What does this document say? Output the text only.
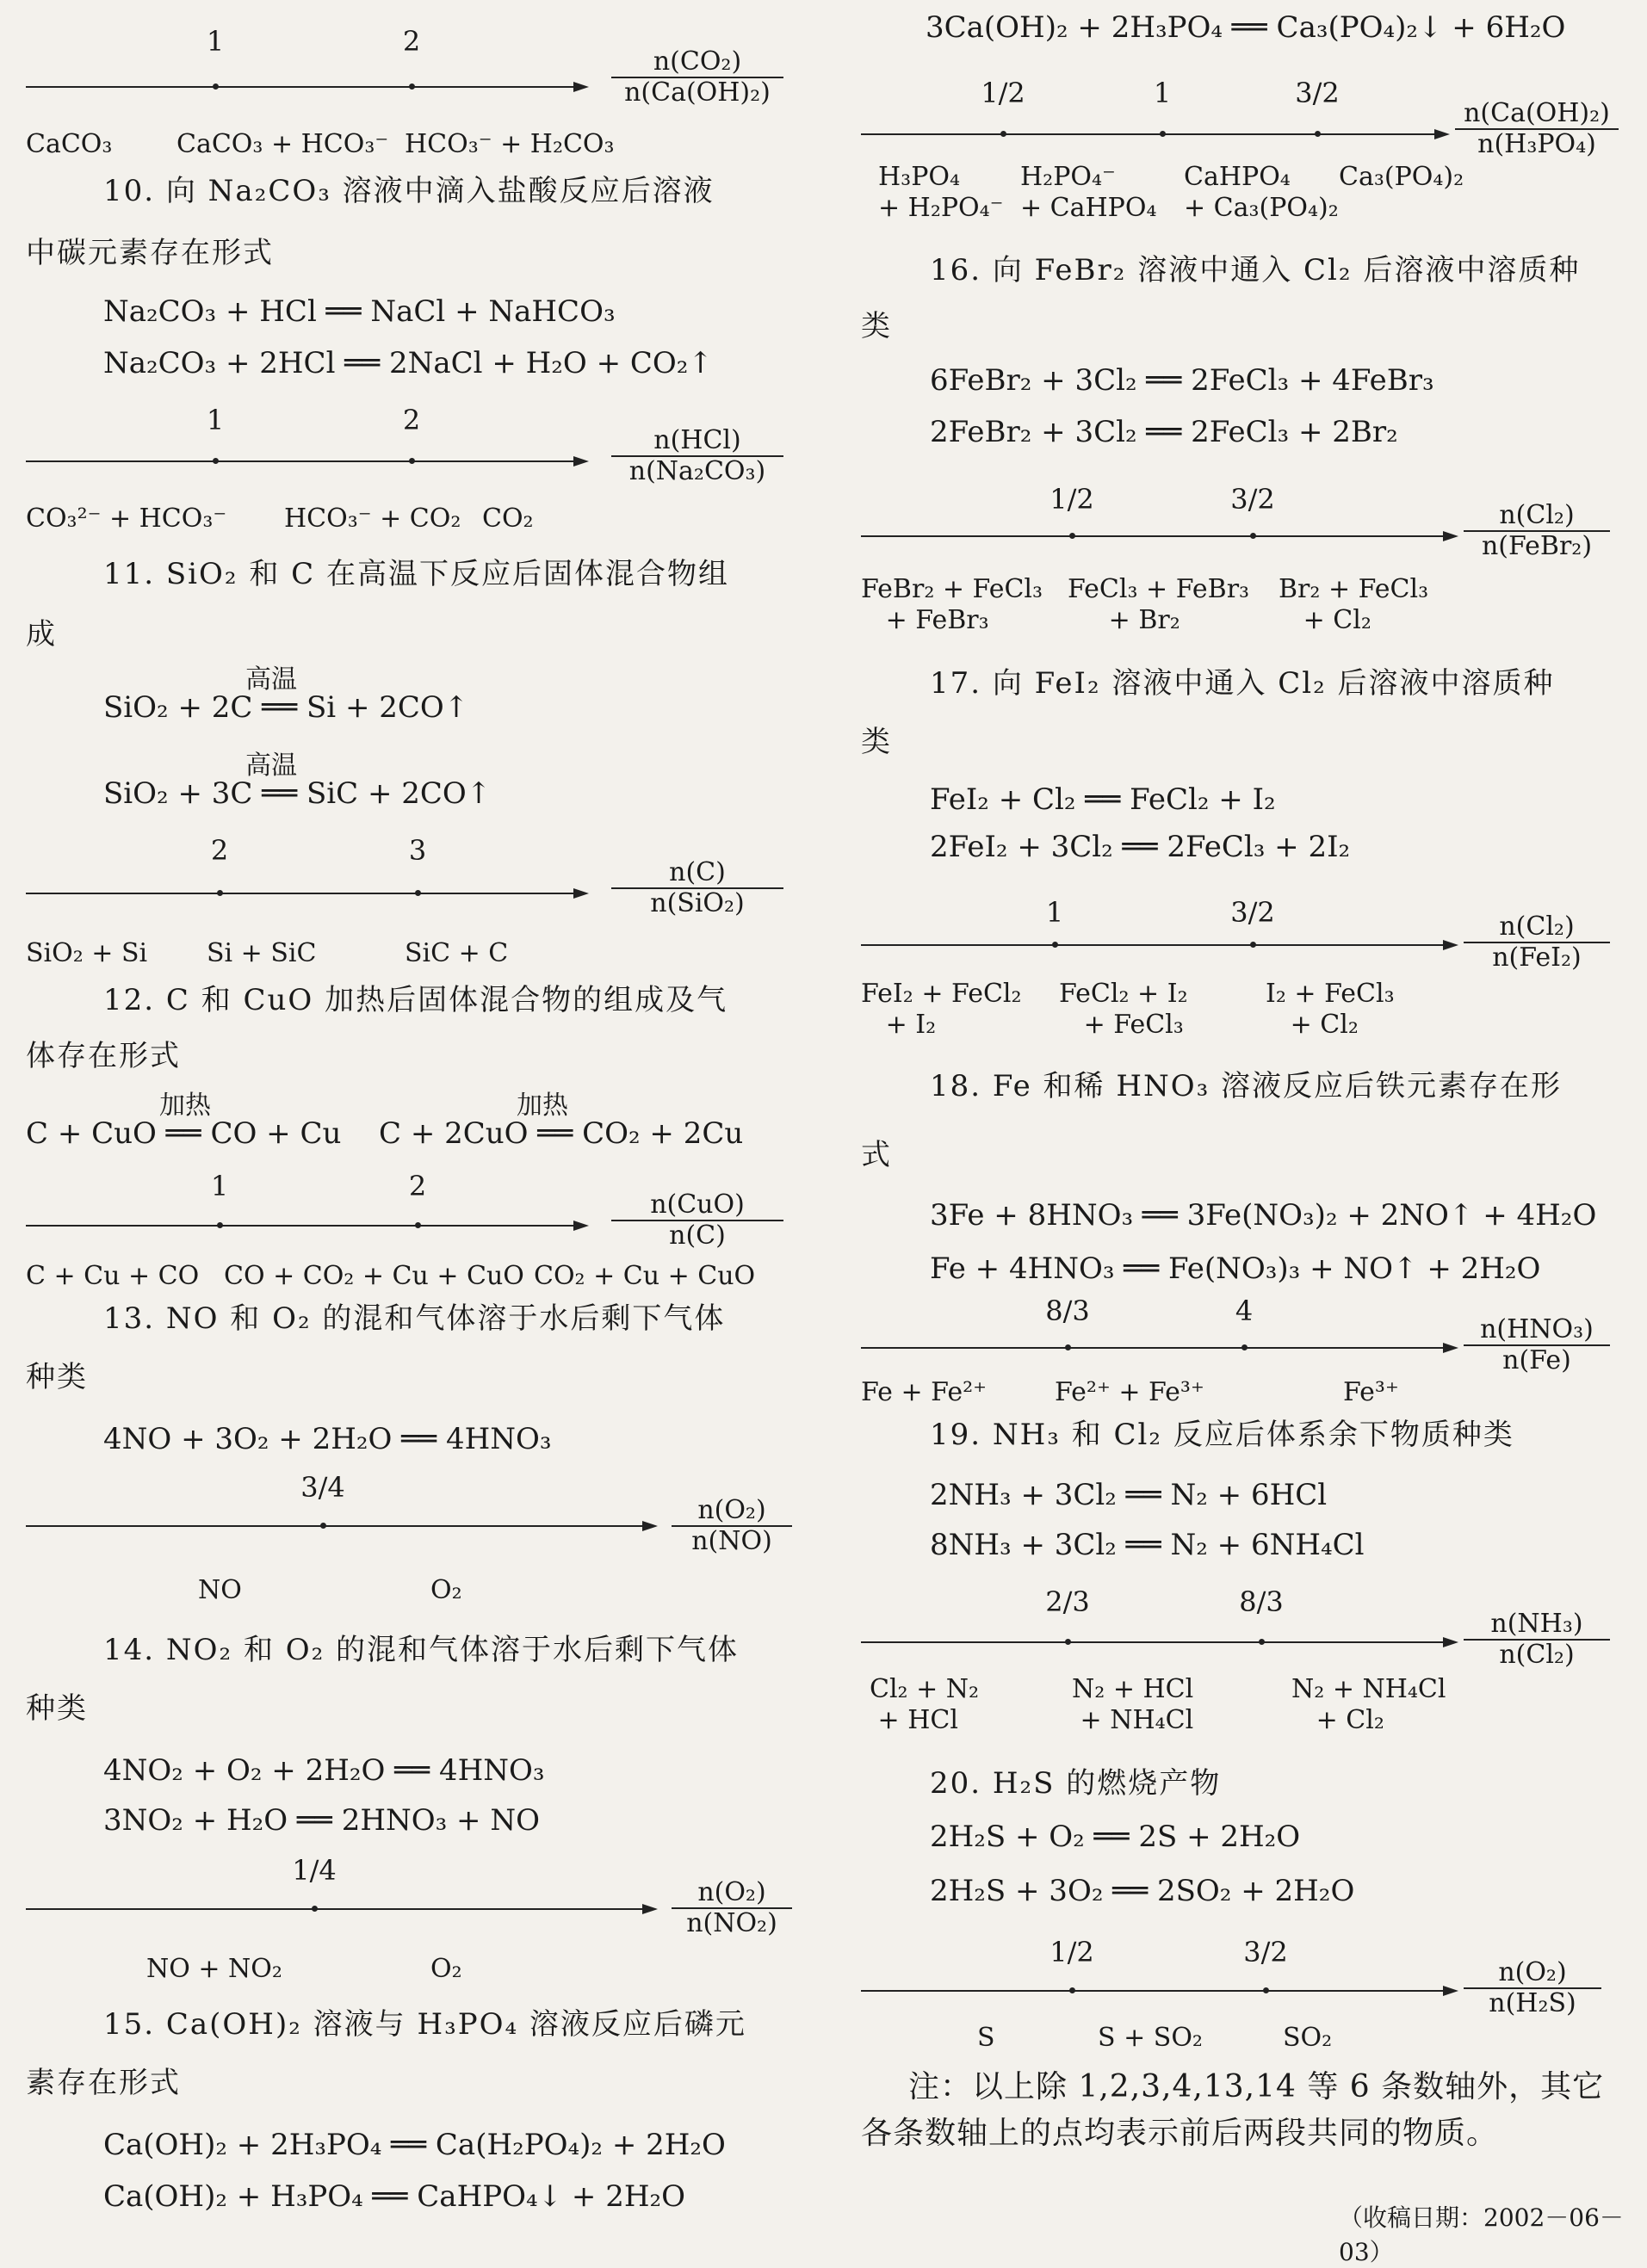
1	2
$\frac{\text{n(CO₂)}}{\text{n(Ca(OH)₂)}}$
CaCO₃ CaCO₃ + HCO₃⁻ HCO₃⁻ + H₂CO₃
10. 向 Na₂CO₃ 溶液中滴入盐酸反应后溶液
中碳元素存在形式
Na₂CO₃ + HCl ══ NaCl + NaHCO₃
Na₂CO₃ + 2HCl ══ 2NaCl + H₂O + CO₂↑
1	2
n(HCl)
n(Na₂CO₃)
CO₃²⁻ + HCO₃⁻ HCO₃⁻ + CO₂ CO₂
11. SiO₂ 和 C 在高温下反应后固体混合物组
成
高温
SiO₂ + 2C ══ Si + 2CO↑
高温
SiO₂ + 3C ══ SiC + 2CO↑
2	3
n(C)
n(SiO₂)
SiO₂ + Si Si + SiC	SiC + C
12. C 和 CuO 加热后固体混合物的组成及气
体存在形式
加热	加热
C + CuO ══ CO + Cu C + 2CuO ══ CO₂ + 2Cu
1	2
n(CuO)
n(C)
C + Cu + CO CO + CO₂ + Cu + CuO CO₂ + Cu + CuO
13. NO 和 O₂ 的混和气体溶于水后剩下气体
种类
4NO + 3O₂ + 2H₂O ══ 4HNO₃
3/4
$\frac{\text{n(O₂)}}{n(NO)}$
NO	O₂
14. NO₂ 和 O₂ 的混和气体溶于水后剩下气体
种类
4NO₂ + O₂ + 2H₂O ══ 4HNO₃
3NO₂ + H₂O ══ 2HNO₃ + NO
1/4
$\frac{\text{n(O₂)}}{\text{n(NO₂)}}$
NO + NO₂	O₂
15. Ca(OH)₂ 溶液与 H₃PO₄ 溶液反应后磷元
素存在形式
Ca(OH)₂ + 2H₃PO₄ ══ Ca(H₂PO₄)₂ + 2H₂O
Ca(OH)₂ + H₃PO₄ ══ CaHPO₄↓ + 2H₂O
3Ca(OH)₂ + 2H₃PO₄ ══ Ca₃(PO₄)₂↓ + 6H₂O
1/2	1	3/2
$\frac{\text{n(Ca(OH)₂)}}{\text{n(H₃PO₄)}}$
H₃PO₄
+ H₂PO₄⁻
H₂PO₄⁻
+ CaHPO₄
CaHPO₄
+ Ca₃(PO₄)₂
Ca₃(PO₄)₂
16. 向 FeBr₂ 溶液中通入 Cl₂ 后溶液中溶质种
类
6FeBr₂ + 3Cl₂ ══ 2FeCl₃ + 4FeBr₃
2FeBr₂ + 3Cl₂ ══ 2FeCl₃ + 2Br₂
1/2	3/2	n(Cl₂)
n(FeBr₂)
FeBr₂ + FeCl₃
+ FeBr₃
FeCl₃ + FeBr₃
+ Br₂
Br₂ + FeCl₃
+ Cl₂
17. 向 FeI₂ 溶液中通入 Cl₂ 后溶液中溶质种
类
FeI₂ + Cl₂ ══ FeCl₂ + I₂
2FeI₂ + 3Cl₂ ══ 2FeCl₃ + 2I₂
1	3/2	n(Cl₂)
n(FeI₂)
FeI₂ + FeCl₂
+ I₂
FeCl₂ + I₂
+ FeCl₃
I₂ + FeCl₃
+ Cl₂
18. Fe 和稀 HNO₃ 溶液反应后铁元素存在形
式
3Fe + 8HNO₃ ══ 3Fe(NO₃)₂ + 2NO↑ + 4H₂O
Fe + 4HNO₃ ══ Fe(NO₃)₃ + NO↑ + 2H₂O
8/3	4
n(HNO₃)
n(Fe)
Fe + Fe²⁺	Fe²⁺ + Fe³⁺	Fe³⁺
19. NH₃ 和 Cl₂ 反应后体系余下物质种类
2NH₃ + 3Cl₂ ══ N₂ + 6HCl
8NH₃ + 3Cl₂ ══ N₂ + 6NH₄Cl
2/3	8/3
$\frac{\text{n(NH₃)}}{\text{n(Cl₂)}}$
Cl₂ + N₂
+ HCl
N₂ + HCl
+ NH₄Cl
N₂ + NH₄Cl
+ Cl₂
20. H₂S 的燃烧产物
2H₂S + O₂ ══ 2S + 2H₂O
2H₂S + 3O₂ ══ 2SO₂ + 2H₂O
1/2	3/2
$\frac{\text{n(O₂)}}{\text{n(H₂S)}}$
S	S + SO₂	SO₂
注：以上除 1,2,3,4,13,14 等 6 条数轴外，其它各条数轴上的点均表示前后两段共同的物质。
（收稿日期：2002－06－03）
